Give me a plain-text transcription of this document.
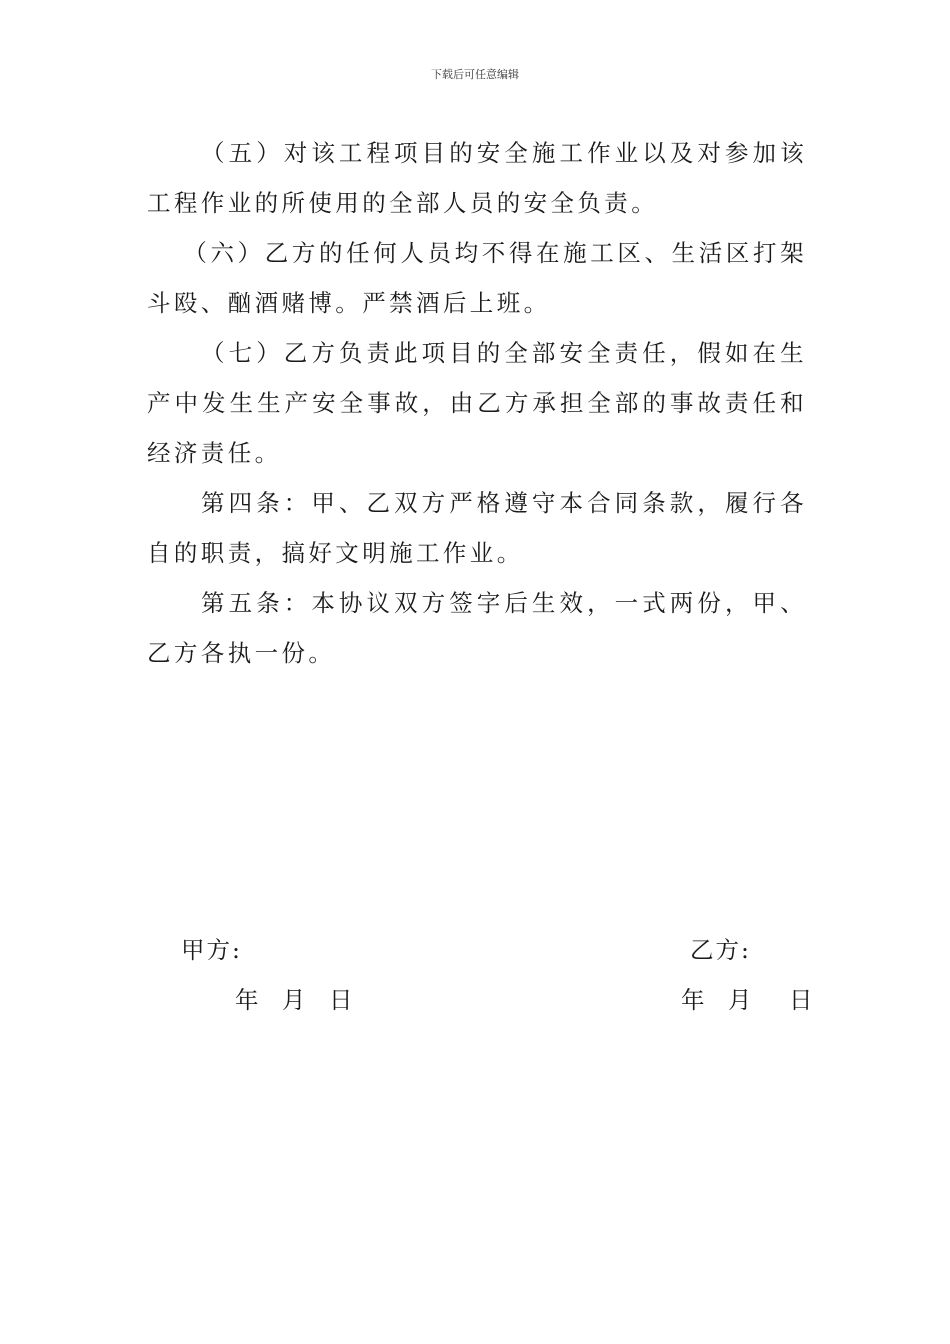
下载后可任意编辑

（五）对该工程项目的安全施工作业以及对参加该工程作业的所使用的全部人员的安全负责。

（六）乙方的任何人员均不得在施工区、生活区打架斗殴、酗酒赌博。严禁酒后上班。

（七）乙方负责此项目的全部安全责任，假如在生产中发生生产安全事故，由乙方承担全部的事故责任和经济责任。

第四条：甲、乙双方严格遵守本合同条款，履行各自的职责，搞好文明施工作业。

第五条：本协议双方签字后生效，一式两份，甲、乙方各执一份。

甲方:	乙方:
年 月 日	年 月 日
